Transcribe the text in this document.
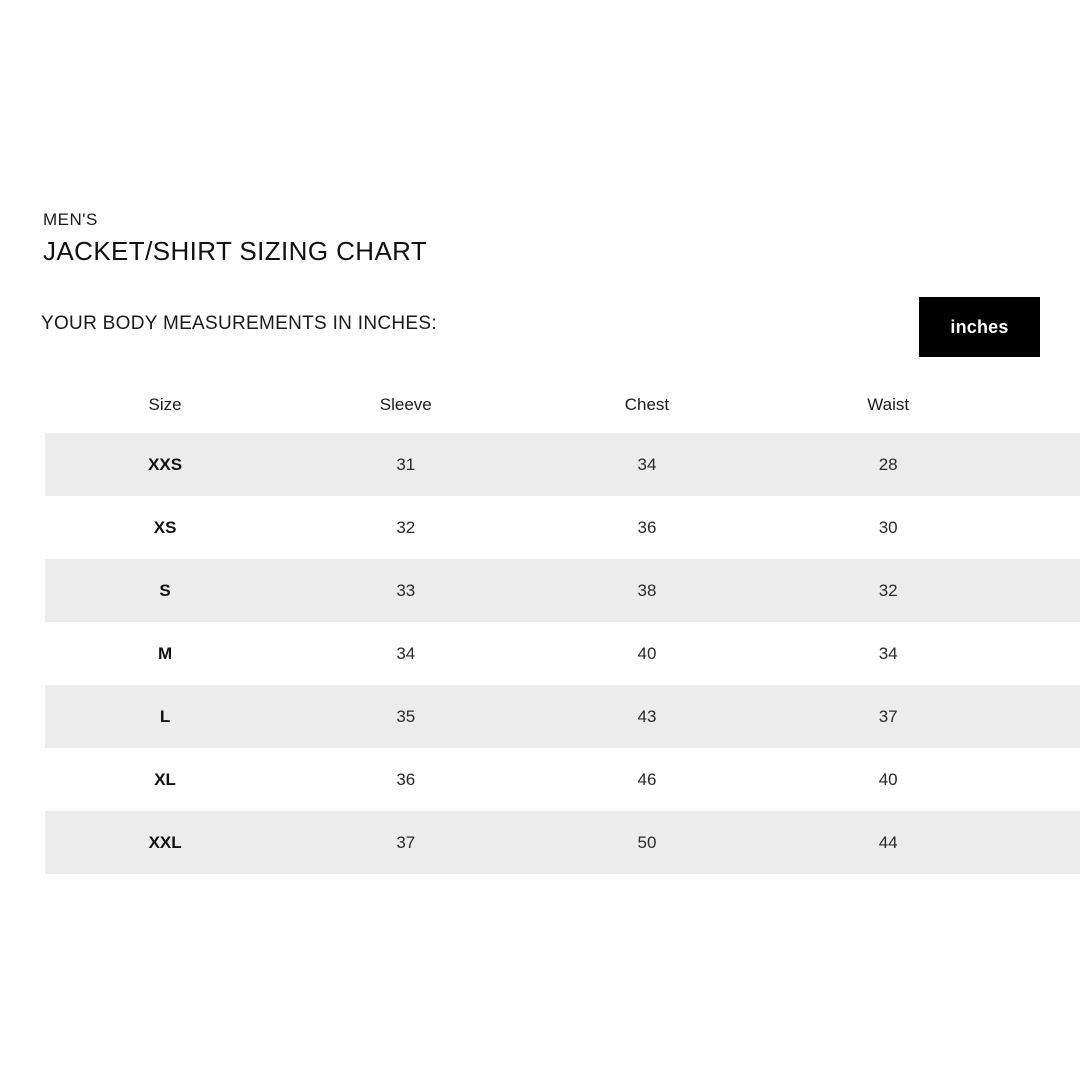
MEN'S
JACKET/SHIRT SIZING CHART
YOUR BODY MEASUREMENTS IN INCHES:	inches
Size	Sleeve	Chest	Waist	
XXS	31	34	28	
XS	32	36	30	
S	33	38	32	
M	34	40	34	
L	35	43	37	
XL	36	46	40	
XXL	37	50	44	
